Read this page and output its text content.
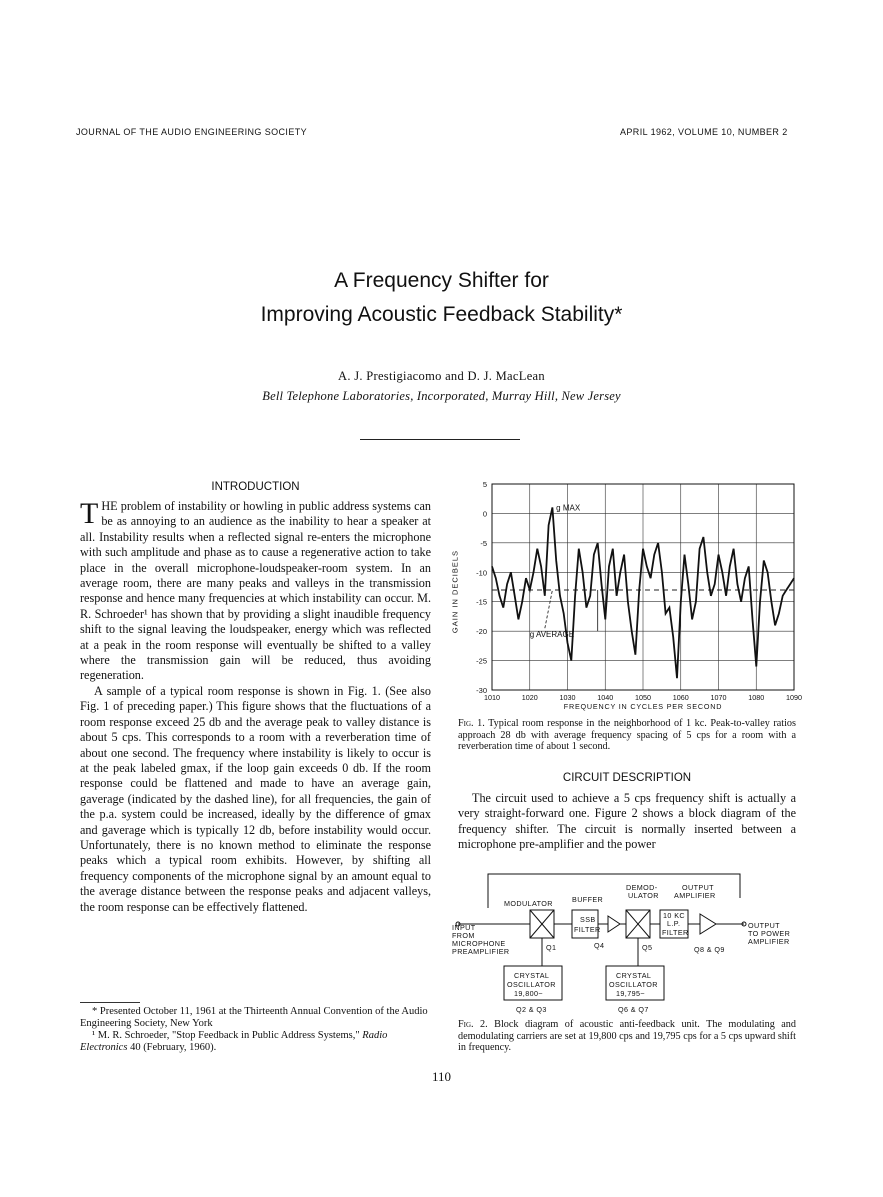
JOURNAL OF THE AUDIO ENGINEERING SOCIETY	APRIL 1962, VOLUME 10, NUMBER 2
A Frequency Shifter for
Improving Acoustic Feedback Stability*
A. J. Prestigiacomo and D. J. MacLean
Bell Telephone Laboratories, Incorporated, Murray Hill, New Jersey
INTRODUCTION

THE problem of instability or howling in public address systems can be as annoying to an audience as the inability to hear a speaker at all. Instability results when a reflected signal re-enters the microphone with such amplitude and phase as to cause a regenerative action to take place in the overall microphone-loudspeaker-room system. In an average room, there are many peaks and valleys in the transmission response and hence many frequencies at which instability can occur. M. R. Schroeder¹ has shown that by providing a slight inaudible frequency shift to the signal leaving the loudspeaker, energy which was reflected at a peak in the room response will eventually be shifted to a valley where the transmission gain will be reduced, thus avoiding regeneration.

A sample of a typical room response is shown in Fig. 1. (See also Fig. 1 of preceding paper.) This figure shows that the fluctuations of a room response exceed 25 db and the average peak to valley distance is about 5 cps. This corresponds to a room with a reverberation time of about one second. The frequency where instability is likely to occur is at the peak labeled gmax, if the loop gain exceeds 0 db. If the room response could be flattened and made to have an average gain, gaverage (indicated by the dashed line), for all frequencies, the gain of the p.a. system could be increased, ideally by the difference of gmax and gaverage which is typically 12 db, before instability would occur. Unfortunately, there is no known method to eliminate the response peaks which a typical room exhibits. However, by shifting all frequency components of the microphone signal by an amount equal to the average distance between the response peaks and adjacent valleys, the room response can be effectively flattened.

* Presented October 11, 1961 at the Thirteenth Annual Convention of the Audio Engineering Society, New York

¹ M. R. Schroeder, "Stop Feedback in Public Address Systems," Radio Electronics 40 (February, 1960).

FREQUENCY IN CYCLES PER SECOND
5
0
-5
-10
-15
-20
-25
-30
1010	1020	1030	1040	1050	1060	1070	1080	1090
g MAX
g AVERAGE
GAIN IN DECIBELS
Fig. 1. Typical room response in the neighborhood of 1 kc. Peak-to-valley ratios approach 28 db with average frequency spacing of 5 cps for a room with a reverberation time of about 1 second.
CIRCUIT DESCRIPTION

The circuit used to achieve a 5 cps frequency shift is actually a very straight-forward one. Figure 2 shows a block diagram of the frequency shifter. The circuit is normally inserted between a microphone pre-amplifier and the power

MODULATOR	BUFFER
DEMOD-
ULATOR
OUTPUT
AMPLIFIER
SSB
FILTER
10 KC
L.P.
FILTER
INPUT
FROM
MICROPHONE
PREAMPLIFIER
OUTPUT
TO POWER
AMPLIFIER
Q1	Q4	Q5	Q8 & Q9
CRYSTAL
OSCILLATOR
19,800~
Q2 & Q3
CRYSTAL
OSCILLATOR
19,795~
Q6 & Q7
Fig. 2. Block diagram of acoustic anti-feedback unit. The modulating and demodulating carriers are set at 19,800 cps and 19,795 cps for a 5 cps upward shift in frequency.
110
